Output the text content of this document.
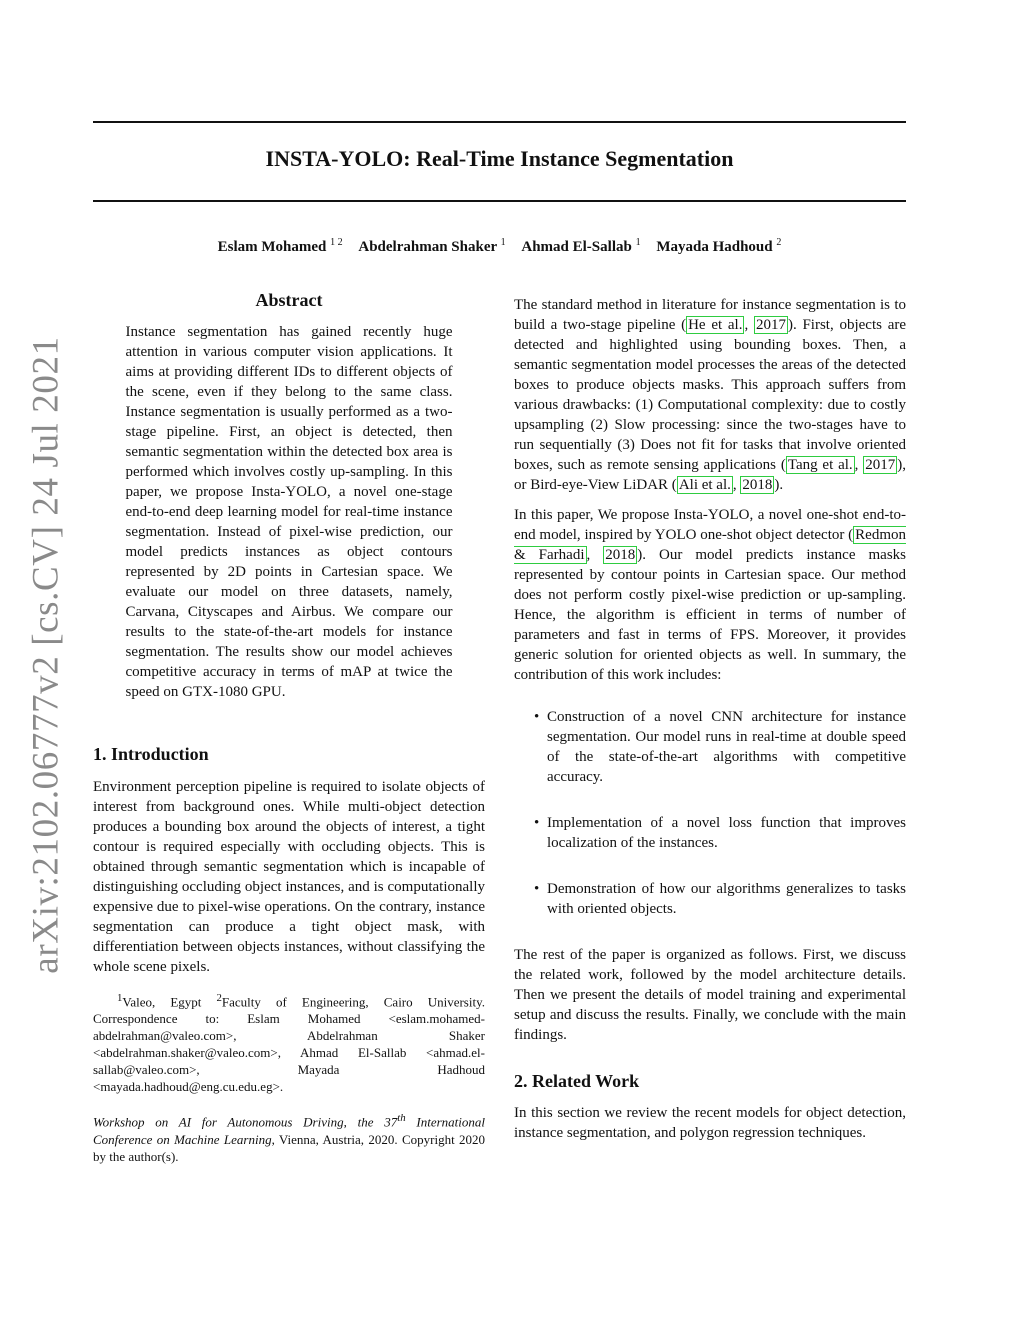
arXiv:2102.06777v2 [cs.CV] 24 Jul 2021
INSTA-YOLO: Real-Time Instance Segmentation
Eslam Mohamed $^{1 2}$ Abdelrahman Shaker $^1$ Ahmad El-Sallab $^1$ Mayada Hadhoud $^2$
Abstract
Instance segmentation has gained recently huge attention in various computer vision applications. It aims at providing different IDs to different objects of the scene, even if they belong to the same class. Instance segmentation is usually performed as a two-stage pipeline. First, an object is detected, then semantic segmentation within the detected box area is performed which involves costly up-sampling. In this paper, we propose Insta-YOLO, a novel one-stage end-to-end deep learning model for real-time instance segmentation. Instead of pixel-wise prediction, our model predicts instances as object contours represented by 2D points in Cartesian space. We evaluate our model on three datasets, namely, Carvana, Cityscapes and Airbus. We compare our results to the state-of-the-art models for instance segmentation. The results show our model achieves competitive accuracy in terms of mAP at twice the speed on GTX-1080 GPU.
1. Introduction

Environment perception pipeline is required to isolate objects of interest from background ones. While multi-object detection produces a bounding box around the objects of interest, a tight contour is required especially with occluding objects. This is obtained through semantic segmentation which is incapable of distinguishing occluding object instances, and is computationally expensive due to pixel-wise operations. On the contrary, instance segmentation can produce a tight object mask, with differentiation between objects instances, without classifying the whole scene pixels.

$^1$Valeo, Egypt $^2$Faculty of Engineering, Cairo University. Correspondence to: Eslam Mohamed <eslam.mohamed-abdelrahman@valeo.com>, Abdelrahman Shaker <abdelrahman.shaker@valeo.com>, Ahmad El-Sallab <ahmad.el-sallab@valeo.com>, Mayada Hadhoud <mayada.hadhoud@eng.cu.edu.eg>.
Workshop on AI for Autonomous Driving, the 37th International Conference on Machine Learning, Vienna, Austria, 2020. Copyright 2020 by the author(s).

The standard method in literature for instance segmentation is to build a two-stage pipeline ( He et al. , 2017 ). First, objects are detected and highlighted using bounding boxes. Then, a semantic segmentation model processes the areas of the detected boxes to produce objects masks. This approach suffers from various drawbacks: (1) Computational complexity: due to costly upsampling (2) Slow processing: since the two-stages have to run sequentially (3) Does not fit for tasks that involve oriented boxes, such as remote sensing applications ( Tang et al. , 2017 ), or Bird-eye-View LiDAR ( Ali et al. , 2018 ).

In this paper, We propose Insta-YOLO, a novel one-shot end-to-end model, inspired by YOLO one-shot object detector ( Redmon & Farhadi , 2018 ). Our model predicts instance masks represented by contour points in Cartesian space. Our method does not perform costly pixel-wise prediction or up-sampling. Hence, the algorithm is efficient in terms of number of parameters and fast in terms of FPS. Moreover, it provides generic solution for oriented objects as well. In summary, the contribution of this work includes:

• Construction of a novel CNN architecture for instance segmentation. Our model runs in real-time at double speed of the state-of-the-art algorithms with competitive accuracy.
• Implementation of a novel loss function that improves localization of the instances.
• Demonstration of how our algorithms generalizes to tasks with oriented objects.

The rest of the paper is organized as follows. First, we discuss the related work, followed by the model architecture details. Then we present the details of model training and experimental setup and discuss the results. Finally, we conclude with the main findings.

2. Related Work

In this section we review the recent models for object detection, instance segmentation, and polygon regression techniques.
